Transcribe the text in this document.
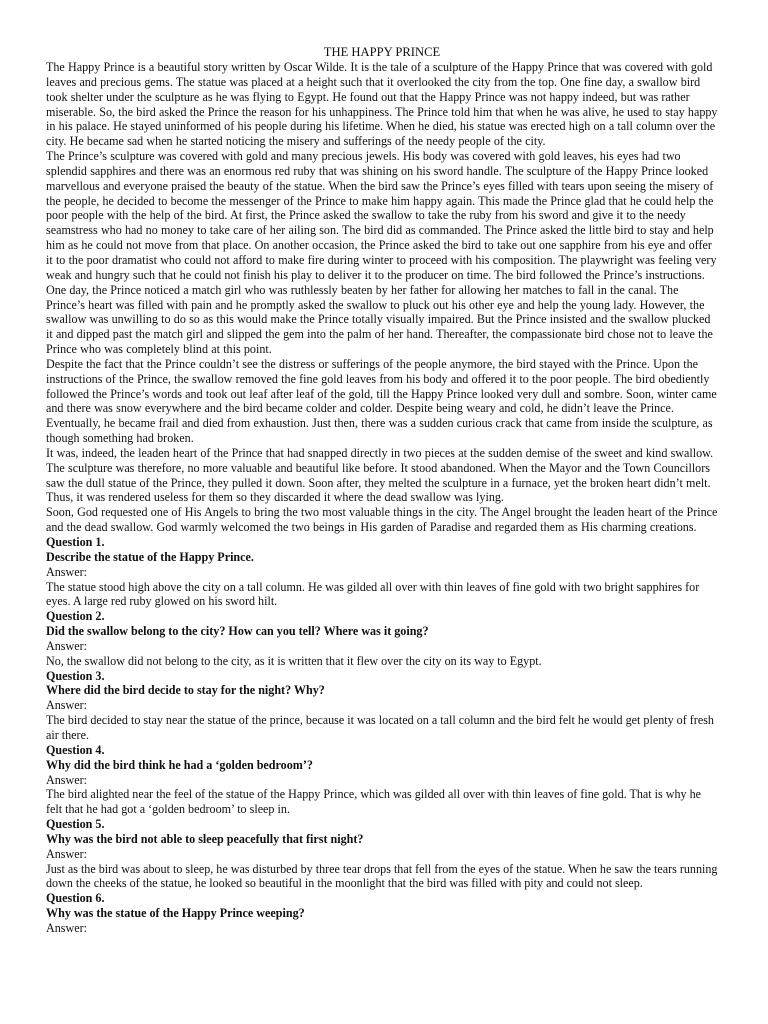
THE HAPPY PRINCE

The Happy Prince is a beautiful story written by Oscar Wilde. It is the tale of a sculpture of the Happy Prince that was covered with gold leaves and precious gems. The statue was placed at a height such that it overlooked the city from the top. One fine day, a swallow bird took shelter under the sculpture as he was flying to Egypt. He found out that the Happy Prince was not happy indeed, but was rather miserable. So, the bird asked the Prince the reason for his unhappiness. The Prince told him that when he was alive, he used to stay happy in his palace. He stayed uninformed of his people during his lifetime. When he died, his statue was erected high on a tall column over the city. He became sad when he started noticing the misery and sufferings of the needy people of the city.

The Prince’s sculpture was covered with gold and many precious jewels. His body was covered with gold leaves, his eyes had two splendid sapphires and there was an enormous red ruby that was shining on his sword handle. The sculpture of the Happy Prince looked marvellous and everyone praised the beauty of the statue. When the bird saw the Prince’s eyes filled with tears upon seeing the misery of the people, he decided to become the messenger of the Prince to make him happy again. This made the Prince glad that he could help the poor people with the help of the bird. At first, the Prince asked the swallow to take the ruby from his sword and give it to the needy seamstress who had no money to take care of her ailing son. The bird did as commanded. The Prince asked the little bird to stay and help him as he could not move from that place. On another occasion, the Prince asked the bird to take out one sapphire from his eye and offer it to the poor dramatist who could not afford to make fire during winter to proceed with his composition. The playwright was feeling very weak and hungry such that he could not finish his play to deliver it to the producer on time. The bird followed the Prince’s instructions.

One day, the Prince noticed a match girl who was ruthlessly beaten by her father for allowing her matches to fall in the canal. The Prince’s heart was filled with pain and he promptly asked the swallow to pluck out his other eye and help the young lady. However, the swallow was unwilling to do so as this would make the Prince totally visually impaired. But the Prince insisted and the swallow plucked it and dipped past the match girl and slipped the gem into the palm of her hand. Thereafter, the compassionate bird chose not to leave the Prince who was completely blind at this point.

Despite the fact that the Prince couldn’t see the distress or sufferings of the people anymore, the bird stayed with the Prince. Upon the instructions of the Prince, the swallow removed the fine gold leaves from his body and offered it to the poor people. The bird obediently followed the Prince’s words and took out leaf after leaf of the gold, till the Happy Prince looked very dull and sombre. Soon, winter came and there was snow everywhere and the bird became colder and colder. Despite being weary and cold, he didn’t leave the Prince. Eventually, he became frail and died from exhaustion. Just then, there was a sudden curious crack that came from inside the sculpture, as though something had broken.

It was, indeed, the leaden heart of the Prince that had snapped directly in two pieces at the sudden demise of the sweet and kind swallow. The sculpture was therefore, no more valuable and beautiful like before. It stood abandoned. When the Mayor and the Town Councillors saw the dull statue of the Prince, they pulled it down. Soon after, they melted the sculpture in a furnace, yet the broken heart didn’t melt. Thus, it was rendered useless for them so they discarded it where the dead swallow was lying.

Soon, God requested one of His Angels to bring the two most valuable things in the city. The Angel brought the leaden heart of the Prince and the dead swallow. God warmly welcomed the two beings in His garden of Paradise and regarded them as His charming creations.

Question 1.

Describe the statue of the Happy Prince.

Answer:

The statue stood high above the city on a tall column. He was gilded all over with thin leaves of fine gold with two bright sapphires for eyes. A large red ruby glowed on his sword hilt.

Question 2.

Did the swallow belong to the city? How can you tell? Where was it going?

Answer:

No, the swallow did not belong to the city, as it is written that it flew over the city on its way to Egypt.

Question 3.

Where did the bird decide to stay for the night? Why?

Answer:

The bird decided to stay near the statue of the prince, because it was located on a tall column and the bird felt he would get plenty of fresh air there.

Question 4.

Why did the bird think he had a ‘golden bedroom’?

Answer:

The bird alighted near the feel of the statue of the Happy Prince, which was gilded all over with thin leaves of fine gold. That is why he felt that he had got a ‘golden bedroom’ to sleep in.

Question 5.

Why was the bird not able to sleep peacefully that first night?

Answer:

Just as the bird was about to sleep, he was disturbed by three tear drops that fell from the eyes of the statue. When he saw the tears running down the cheeks of the statue, he looked so beautiful in the moonlight that the bird was filled with pity and could not sleep.

Question 6.

Why was the statue of the Happy Prince weeping?

Answer:
